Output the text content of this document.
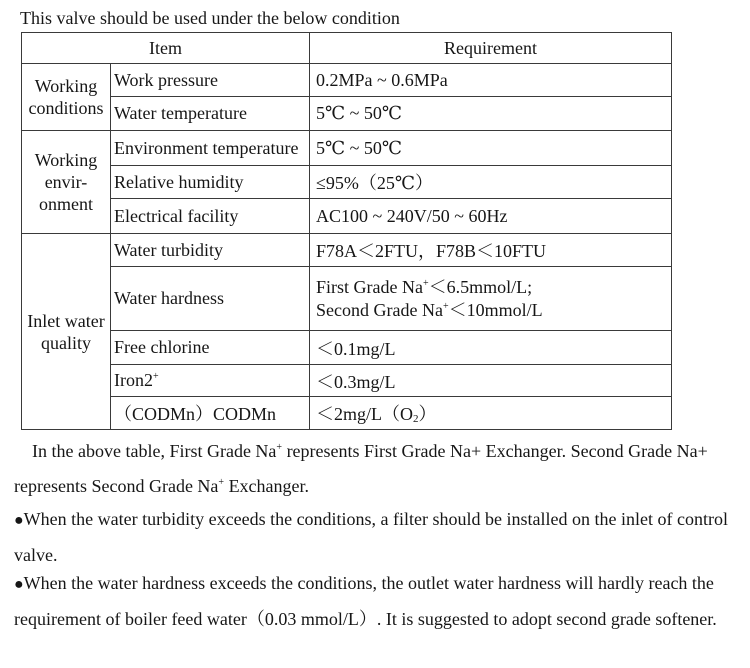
This valve should be used under the below condition
Item		Requirement
Working conditions	Work pressure	0.2MPa ~ 0.6MPa
	Water temperature	5℃ ~ 50℃
Working envir-onment	Environment temperature	5℃ ~ 50℃
	Relative humidity	≤95%（25℃）
	Electrical facility	AC100 ~ 240V/50 ~ 60Hz
Inlet water quality	Water turbidity	F78A＜2FTU，F78B＜10FTU
	Water hardness	First Grade Na+＜6.5mmol/L;
Second Grade Na+＜10mmol/L

	Free chlorine	＜0.1mg/L
	Iron2+	＜0.3mg/L
	（CODMn）CODMn	$<2mg/L(O_2)$
In the above table, First Grade Na+ represents First Grade Na+ Exchanger. Second Grade Na+ represents Second Grade Na+ Exchanger.
●When the water turbidity exceeds the conditions, a filter should be installed on the inlet of control valve.
●When the water hardness exceeds the conditions, the outlet water hardness will hardly reach the requirement of boiler feed water（0.03 mmol/L）. It is suggested to adopt second grade softener.
